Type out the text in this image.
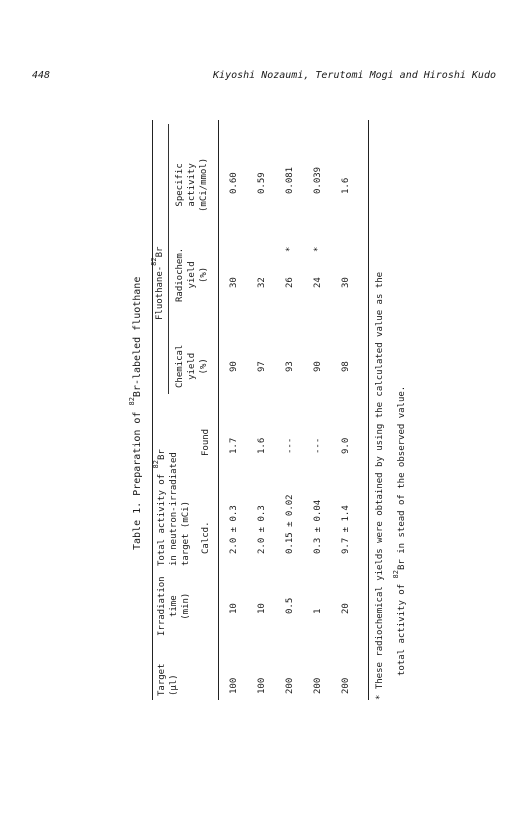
448	Kiyoshi Nozaumi, Terutomi Mogi and Hiroshi Kudo
Table 1. Preparation of $^{82}$Br-labeled fluothane
Target
(µl)
Irradiation
time
(min)
Total activity of $^{82}$Br
in neutron-irradiated
target (mCi)
Calcd.
Found
Fluothane-$^{82}$Br
Chemical
yield
(%)
Radiochem.
yield
(%)
Specific
activity
(mCi/mmol)
100
10
2.0 ± 0.3
1.7
90
30
0.60
100
10
2.0 ± 0.3
1.6
97
32
0.59
200
0.5
0.15 ± 0.02
---
93
26
*
0.081
200
1
0.3 ± 0.04
---
90
24
*
0.039
200
20
9.7 ± 1.4
9.0
98
30
1.6
* These radiochemical yields were obtained by using the calculated value as the total activity of $^{82}$Br in stead of the observed value.
